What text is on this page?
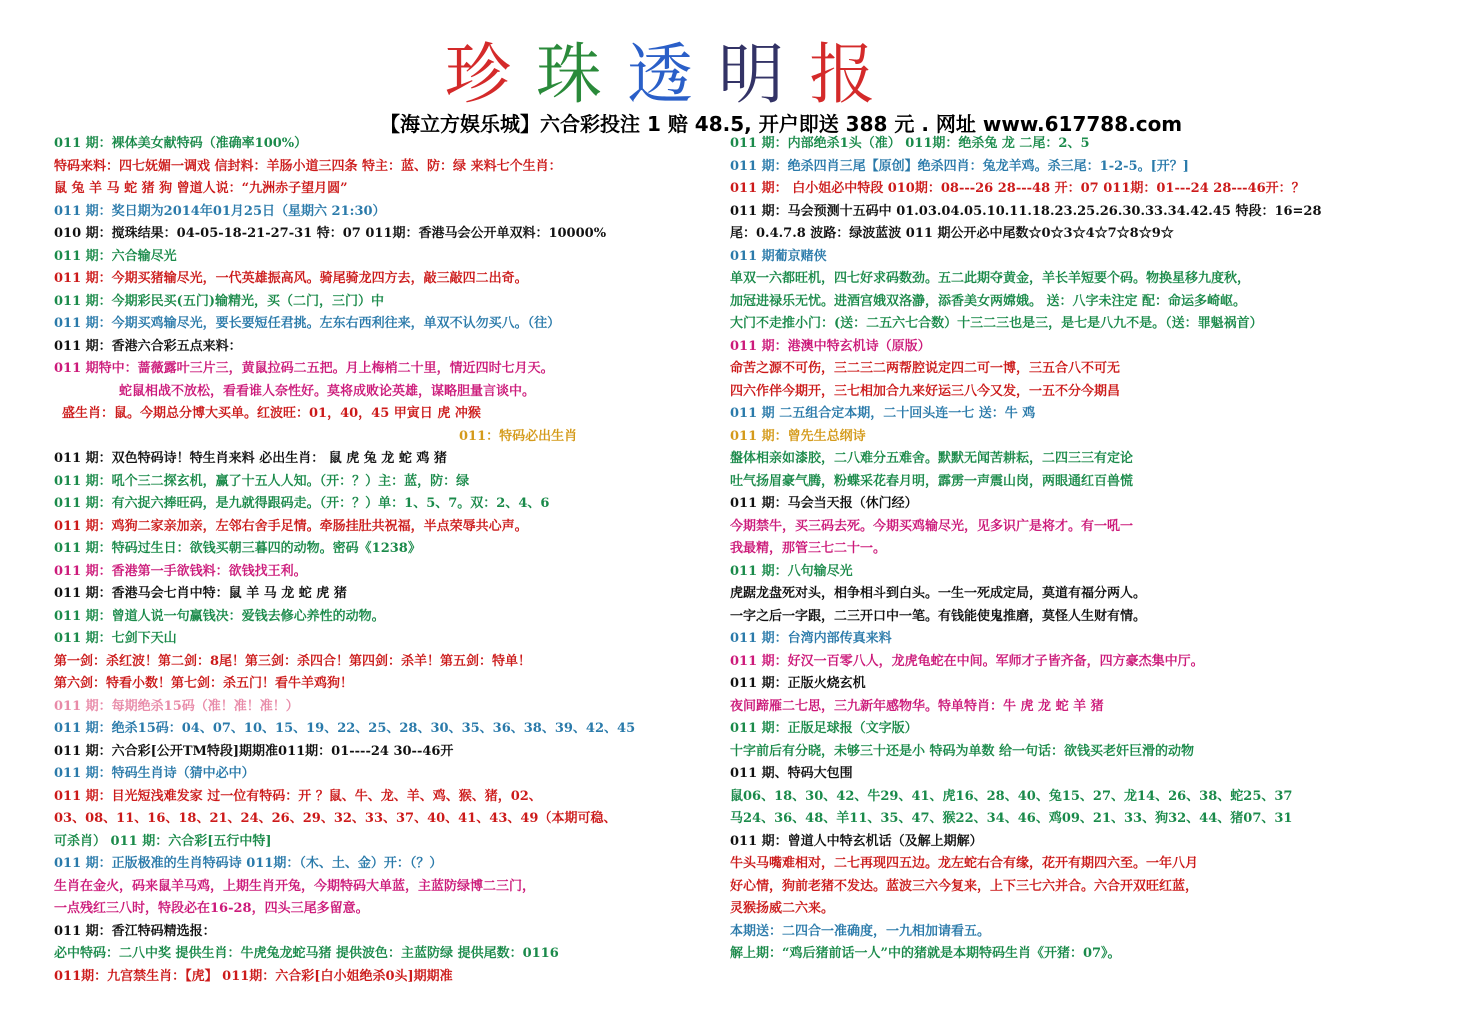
珍 珠 透 明 报
【海立方娱乐城】六合彩投注 1 赔 48.5, 开户即送 388 元 . 网址 www.617788.com
011 期：裸体美女献特码（准确率100%）
特码来料：四七妩媚一调戏 信封料：羊肠小道三四条 特主：蓝、防：绿 来料七个生肖：
鼠 兔 羊 马 蛇 猪 狗 曾道人说：“九洲赤子望月圆”
011 期：奖日期为2014年01月25日（星期六 21:30）
010 期：搅珠结果：04-05-18-21-27-31 特：07 011期：香港马会公开单双料：10000%
011 期：六合输尽光
011 期：今期买猪输尽光，一代英雄振高风。骑尾骑龙四方去，敲三敲四二出奇。
011 期：今期彩民买(五门)输精光，买（二门，三门）中
011 期：今期买鸡输尽光，要长要短任君挑。左东右西利往来，单双不认勿买八。（往）
011 期：香港六合彩五点来料：
011 期特中：蔷薇露叶三片三，黄鼠拉码二五把。月上梅梢二十里，情近四时七月天。
蛇鼠相战不放松，看看谁人奈性好。莫将成败论英雄，谋略胆量言谈中。
盛生肖：鼠。今期总分博大买单。红波旺：01，40，45 甲寅日 虎 冲猴
011：特码必出生肖
011 期：双色特码诗！特生肖来料 必出生肖： 鼠 虎 兔 龙 蛇 鸡 猪
011 期：吼个三二探玄机，赢了十五人人知。（开：？）主：蓝，防：绿
011 期：有六捉六捧旺码，是九就得跟码走。（开：？）单：1、5、7。双：2、4、6
011 期：鸡狗二家亲加亲，左邻右舍手足情。牵肠挂肚共祝福，半点荣辱共心声。
011 期：特码过生日：欲钱买朝三暮四的动物。密码《1238》
011 期：香港第一手欲钱料：欲钱找王利。
011 期：香港马会七肖中特：鼠 羊 马 龙 蛇 虎 猪
011 期：曾道人说一句赢钱决：爱钱去修心养性的动物。
011 期：七剑下天山
第一剑：杀红波！第二剑：8尾！第三剑：杀四合！第四剑：杀羊！第五剑：特单！
第六剑：特看小数！第七剑：杀五门！看牛羊鸡狗！
011 期：每期绝杀15码（准！准！准！）
011 期：绝杀15码：04、07、10、15、19、22、25、28、30、35、36、38、39、42、45
011 期：六合彩[公开TM特段]期期准011期：01----24 30--46开
011 期：特码生肖诗（猜中必中）
011 期：目光短浅难发家 过一位有特码：开 ？鼠、牛、龙、羊、鸡、猴、猪，02、
03、08、11、16、18、21、24、26、29、32、33、37、40、41、43、49（本期可稳、
可杀肖） 011 期：六合彩[五行中特]
011 期：正版极准的生肖特码诗 011期：（木、土、金）开：（？）
生肖在金火，码来鼠羊马鸡，上期生肖开兔，今期特码大单蓝，主蓝防绿博二三门，
一点残红三八时，特段必在16-28，四头三尾多留意。
011 期：香江特码精选报：
必中特码：二八中奖 提供生肖：牛虎兔龙蛇马猪 提供波色：主蓝防绿 提供尾数：0116
011期：九宫禁生肖：【虎】 011期：六合彩[白小姐绝杀0头]期期准
011 期：内部绝杀1头（准） 011期：绝杀兔 龙 二尾：2、5
011 期：绝杀四肖三尾【原创】绝杀四肖：兔龙羊鸡。杀三尾：1-2-5。[开？]
011 期： 白小姐必中特段 010期：08---26 28---48 开：07 011期：01---24 28---46开：？
011 期：马会预测十五码中 01.03.04.05.10.11.18.23.25.26.30.33.34.42.45 特段：16=28
尾：0.4.7.8 波路：绿波蓝波 011 期公开必中尾数☆0☆3☆4☆7☆8☆9☆
011 期葡京赌侠
单双一六都旺机，四七好求码数劲。五二此期夺黄金，羊长羊短要个码。物换星移九度秋，
加冠进禄乐无忧。进酒宫娥双洛瀞，添香美女两嫦娥。 送：八字未注定 配：命运多崎岖。
大门不走推小门：(送：二五六七合数）十三二三也是三，是七是八九不是。（送：罪魁祸首）
011 期：港澳中特玄机诗（原版）
命苦之源不可伤，三二三二两帮腔说定四二可一博，三五合八不可无
四六作伴今期开，三七相加合九来好运三八今又发，一五不分今期昌
011 期 二五组合定本期，二十回头连一七 送：牛 鸡
011 期：曾先生总纲诗
盤体相亲如漆胶，二八难分五难舍。默默无闻苦耕耘，二四三三有定论
吐气扬眉豪气腾，粉蝶采花春月明，霹雳一声震山岗，两眼通红百兽慌
011 期：马会当天报（休门经）
今期禁牛，买三码去死。今期买鸡输尽光，见多识广是将才。有一吼一
我最精，那管三七二十一。
011 期：八句输尽光
虎踞龙盘死对头，相争相斗到白头。一生一死成定局，莫道有福分两人。
一字之后一字跟，二三开口中一笔。有钱能使鬼推磨，莫怪人生财有情。
011 期：台湾内部传真来料
011 期：好汉一百零八人，龙虎龟蛇在中间。军师才子皆齐备，四方豪杰集中厅。
011 期：正版火烧玄机
夜间蹄雁二七思，三九新年感物华。特单特肖：牛 虎 龙 蛇 羊 猪
011 期：正版足球报（文字版）
十字前后有分晓，未够三十还是小 特码为单数 给一句话：欲钱买老奸巨滑的动物
011 期、特码大包围
鼠06、18、30、42、牛29、41、虎16、28、40、兔15、27、龙14、26、38、蛇25、37
马24、36、48、羊11、35、47、猴22、34、46、鸡09、21、33、狗32、44、猪07、31
011 期：曾道人中特玄机话（及解上期解）
牛头马嘴难相对，二七再现四五边。龙左蛇右合有缘，花开有期四六至。一年八月
好心情，狗前老猪不发达。蓝波三六今复来，上下三七六并合。六合开双旺红蓝，
灵猴扬威二六来。
本期送：二四合一准确度，一九相加请看五。
解上期：“鸡后猪前话一人”中的猪就是本期特码生肖《开猪：07》。
